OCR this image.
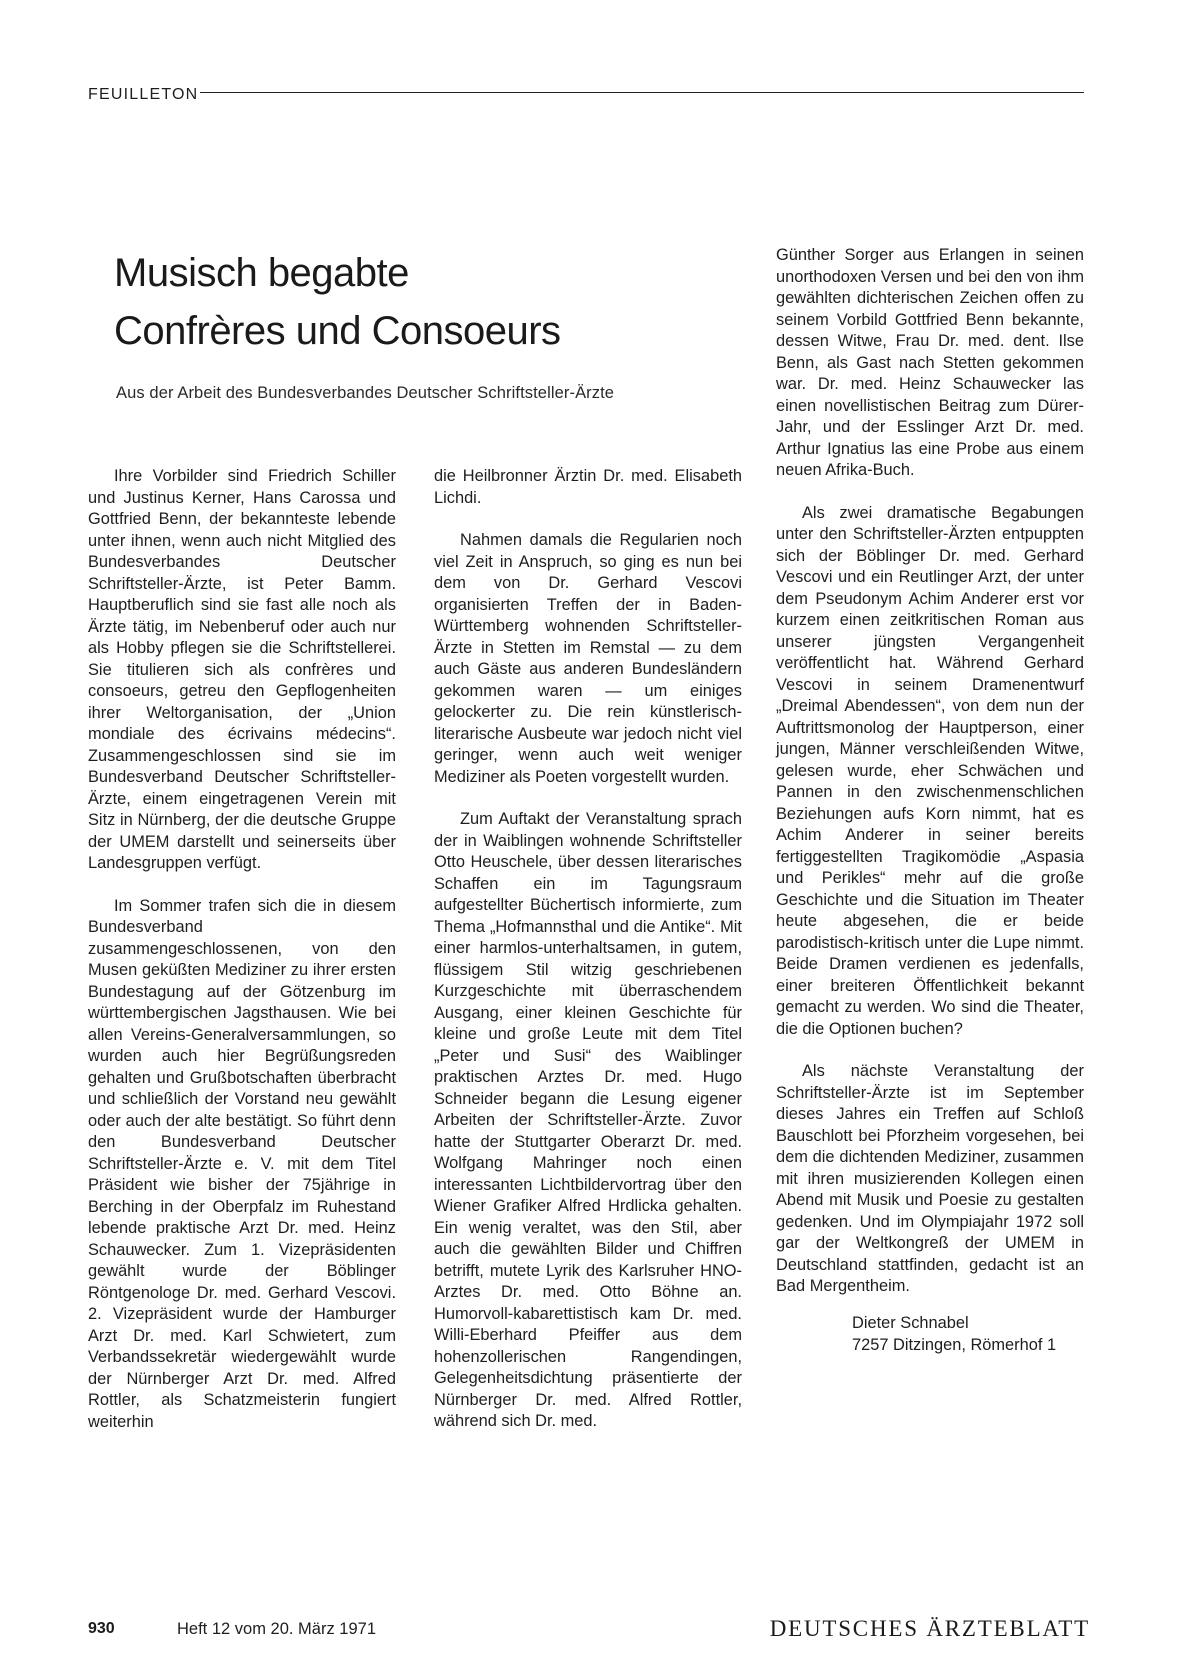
FEUILLETON
Musisch begabte
Confrères und Consoeurs
Aus der Arbeit des Bundesverbandes Deutscher Schriftsteller-Ärzte

Ihre Vorbilder sind Friedrich Schiller und Justinus Kerner, Hans Carossa und Gottfried Benn, der bekannteste lebende unter ihnen, wenn auch nicht Mitglied des Bundesverbandes Deutscher Schriftsteller-Ärzte, ist Peter Bamm. Hauptberuflich sind sie fast alle noch als Ärzte tätig, im Nebenberuf oder auch nur als Hobby pflegen sie die Schriftstellerei. Sie titulieren sich als confrères und consoeurs, getreu den Gepflogenheiten ihrer Weltorganisation, der „Union mondiale des écrivains médecins“. Zusammengeschlossen sind sie im Bundesverband Deutscher Schriftsteller-Ärzte, einem eingetragenen Verein mit Sitz in Nürnberg, der die deutsche Gruppe der UMEM darstellt und seinerseits über Landesgruppen verfügt.

Im Sommer trafen sich die in diesem Bundesverband zusammengeschlossenen, von den Musen geküßten Mediziner zu ihrer ersten Bundestagung auf der Götzenburg im württembergischen Jagsthausen. Wie bei allen Vereins-Generalversammlungen, so wurden auch hier Begrüßungsreden gehalten und Grußbotschaften überbracht und schließlich der Vorstand neu gewählt oder auch der alte bestätigt. So führt denn den Bundesverband Deutscher Schriftsteller-Ärzte e. V. mit dem Titel Präsident wie bisher der 75jährige in Berching in der Oberpfalz im Ruhestand lebende praktische Arzt Dr. med. Heinz Schauwecker. Zum 1. Vizepräsidenten gewählt wurde der Böblinger Röntgenologe Dr. med. Gerhard Vescovi. 2. Vizepräsident wurde der Hamburger Arzt Dr. med. Karl Schwietert, zum Verbandssekretär wiedergewählt wurde der Nürnberger Arzt Dr. med. Alfred Rottler, als Schatzmeisterin fungiert weiterhin

die Heilbronner Ärztin Dr. med. Elisabeth Lichdi.

Nahmen damals die Regularien noch viel Zeit in Anspruch, so ging es nun bei dem von Dr. Gerhard Vescovi organisierten Treffen der in Baden-Württemberg wohnenden Schriftsteller-Ärzte in Stetten im Remstal — zu dem auch Gäste aus anderen Bundesländern gekommen waren — um einiges gelockerter zu. Die rein künstlerisch-literarische Ausbeute war jedoch nicht viel geringer, wenn auch weit weniger Mediziner als Poeten vorgestellt wurden.

Zum Auftakt der Veranstaltung sprach der in Waiblingen wohnende Schriftsteller Otto Heuschele, über dessen literarisches Schaffen ein im Tagungsraum aufgestellter Büchertisch informierte, zum Thema „Hofmannsthal und die Antike“. Mit einer harmlos-unterhaltsamen, in gutem, flüssigem Stil witzig geschriebenen Kurzgeschichte mit überraschendem Ausgang, einer kleinen Geschichte für kleine und große Leute mit dem Titel „Peter und Susi“ des Waiblinger praktischen Arztes Dr. med. Hugo Schneider begann die Lesung eigener Arbeiten der Schriftsteller-Ärzte. Zuvor hatte der Stuttgarter Oberarzt Dr. med. Wolfgang Mahringer noch einen interessanten Lichtbildervortrag über den Wiener Grafiker Alfred Hrdlicka gehalten. Ein wenig veraltet, was den Stil, aber auch die gewählten Bilder und Chiffren betrifft, mutete Lyrik des Karlsruher HNO-Arztes Dr. med. Otto Böhne an. Humorvoll-kabarettistisch kam Dr. med. Willi-Eberhard Pfeiffer aus dem hohenzollerischen Rangendingen, Gelegenheitsdichtung präsentierte der Nürnberger Dr. med. Alfred Rottler, während sich Dr. med.

Günther Sorger aus Erlangen in seinen unorthodoxen Versen und bei den von ihm gewählten dichterischen Zeichen offen zu seinem Vorbild Gottfried Benn bekannte, dessen Witwe, Frau Dr. med. dent. Ilse Benn, als Gast nach Stetten gekommen war. Dr. med. Heinz Schauwecker las einen novellistischen Beitrag zum Dürer-Jahr, und der Esslinger Arzt Dr. med. Arthur Ignatius las eine Probe aus einem neuen Afrika-Buch.

Als zwei dramatische Begabungen unter den Schriftsteller-Ärzten entpuppten sich der Böblinger Dr. med. Gerhard Vescovi und ein Reutlinger Arzt, der unter dem Pseudonym Achim Anderer erst vor kurzem einen zeitkritischen Roman aus unserer jüngsten Vergangenheit veröffentlicht hat. Während Gerhard Vescovi in seinem Dramenentwurf „Dreimal Abendessen“, von dem nun der Auftrittsmonolog der Hauptperson, einer jungen, Männer verschleißenden Witwe, gelesen wurde, eher Schwächen und Pannen in den zwischenmenschlichen Beziehungen aufs Korn nimmt, hat es Achim Anderer in seiner bereits fertiggestellten Tragikomödie „Aspasia und Perikles“ mehr auf die große Geschichte und die Situation im Theater heute abgesehen, die er beide parodistisch-kritisch unter die Lupe nimmt. Beide Dramen verdienen es jedenfalls, einer breiteren Öffentlichkeit bekannt gemacht zu werden. Wo sind die Theater, die die Optionen buchen?

Als nächste Veranstaltung der Schriftsteller-Ärzte ist im September dieses Jahres ein Treffen auf Schloß Bauschlott bei Pforzheim vorgesehen, bei dem die dichtenden Mediziner, zusammen mit ihren musizierenden Kollegen einen Abend mit Musik und Poesie zu gestalten gedenken. Und im Olympiajahr 1972 soll gar der Weltkongreß der UMEM in Deutschland stattfinden, gedacht ist an Bad Mergentheim.

Dieter Schnabel
7257 Ditzingen, Römerhof 1
930	Heft 12 vom 20. März 1971	DEUTSCHES ÄRZTEBLATT
